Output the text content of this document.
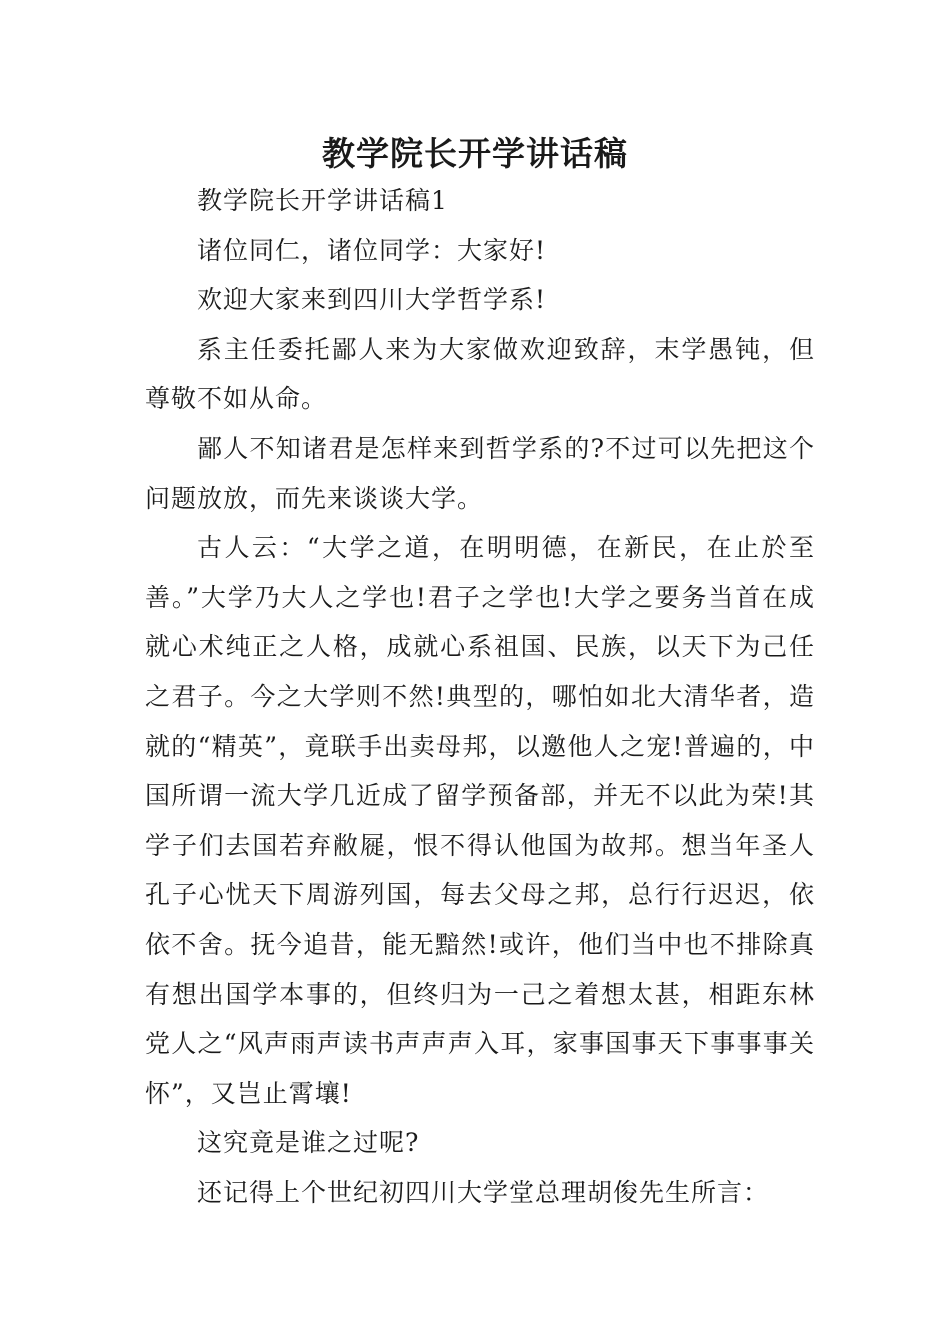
教学院长开学讲话稿

教学院长开学讲话稿1

诸位同仁，诸位同学：大家好!

欢迎大家来到四川大学哲学系!

系主任委托鄙人来为大家做欢迎致辞，末学愚钝，但尊敬不如从命。

鄙人不知诸君是怎样来到哲学系的?不过可以先把这个问题放放，而先来谈谈大学。

古人云：“大学之道，在明明德，在新民，在止於至善。”大学乃大人之学也!君子之学也!大学之要务当首在成就心术纯正之人格，成就心系祖国、民族，以天下为己任之君子。今之大学则不然!典型的，哪怕如北大清华者，造就的“精英”，竟联手出卖母邦，以邀他人之宠!普遍的，中国所谓一流大学几近成了留学预备部，并无不以此为荣!其学子们去国若弃敝屣，恨不得认他国为故邦。想当年圣人孔子心忧天下周游列国，每去父母之邦，总行行迟迟，依依不舍。抚今追昔，能无黯然!或许，他们当中也不排除真有想出国学本事的，但终归为一己之着想太甚，相距东林党人之“风声雨声读书声声声入耳，家事国事天下事事事关怀”，又岂止霄壤!

这究竟是谁之过呢?

还记得上个世纪初四川大学堂总理胡俊先生所言：
